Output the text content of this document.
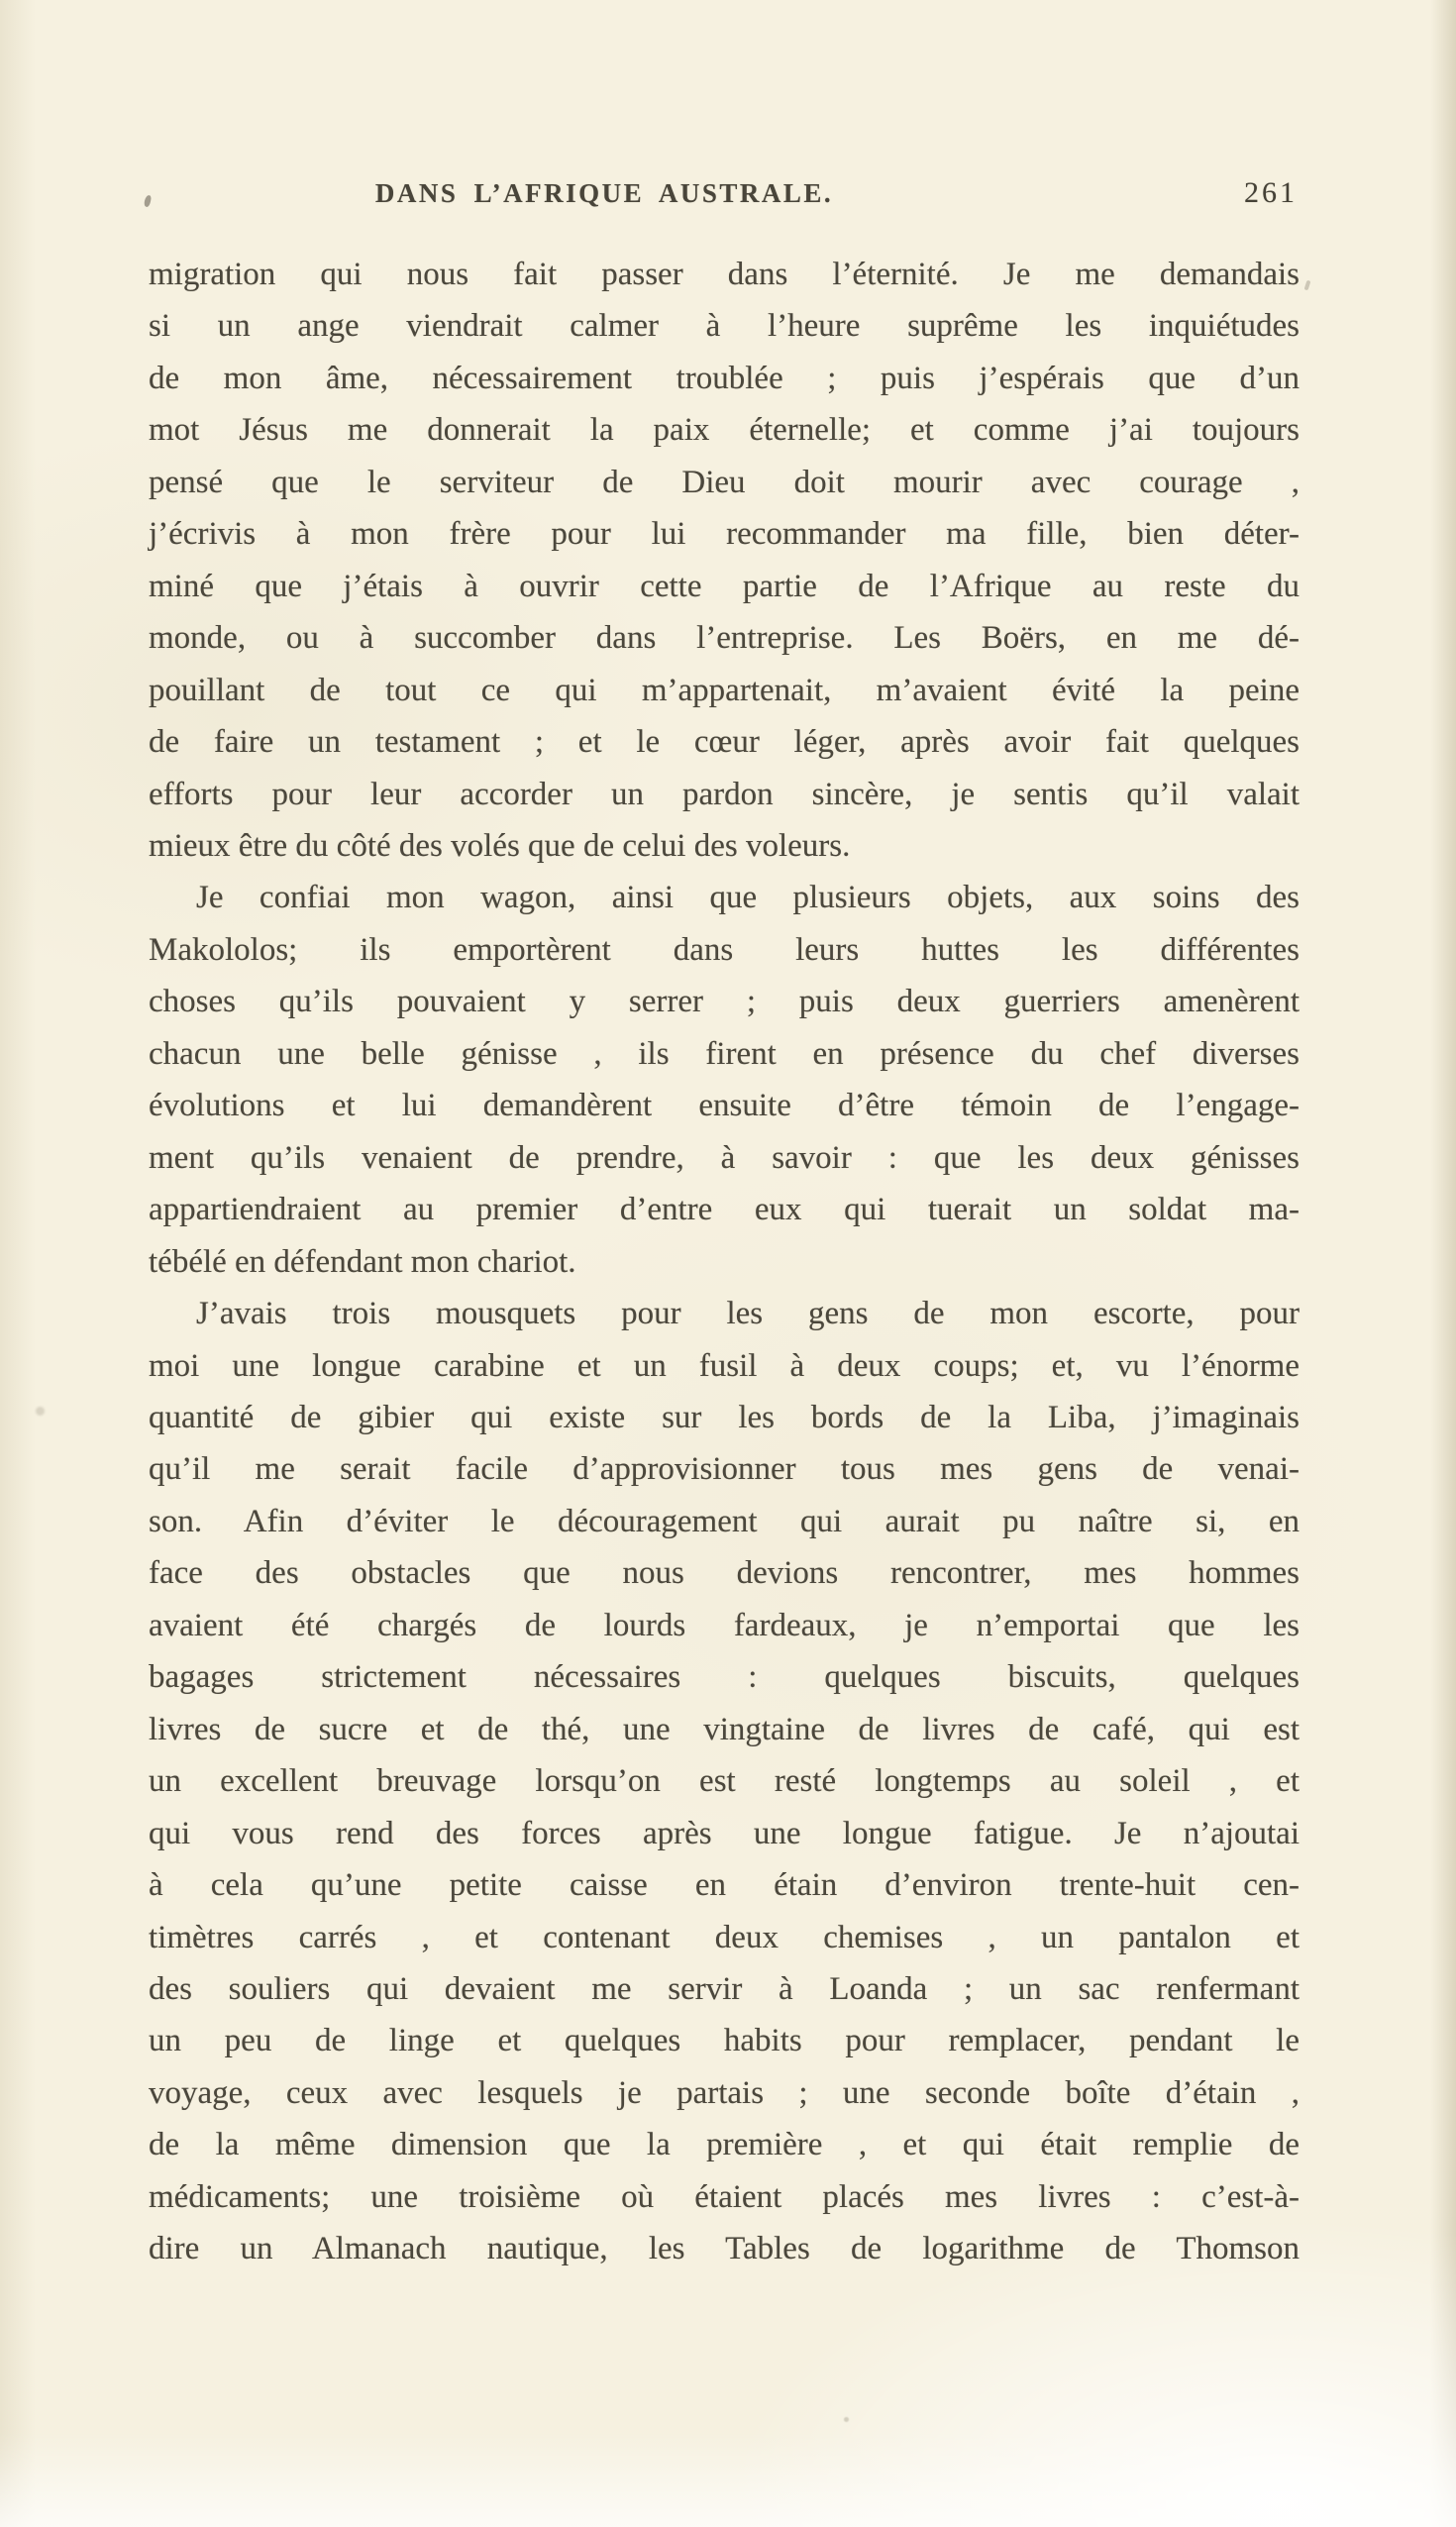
DANS L’AFRIQUE AUSTRALE.	261
migration qui nous fait passer dans l’éternité. Je me demandais
si un ange viendrait calmer à l’heure suprême les inquiétudes
de mon âme, nécessairement troublée ; puis j’espérais que d’un
mot Jésus me donnerait la paix éternelle; et comme j’ai toujours
pensé que le serviteur de Dieu doit mourir avec courage ,
j’écrivis à mon frère pour lui recommander ma fille, bien déter-
miné que j’étais à ouvrir cette partie de l’Afrique au reste du
monde, ou à succomber dans l’entreprise. Les Boërs, en me dé-
pouillant de tout ce qui m’appartenait, m’avaient évité la peine
de faire un testament ; et le cœur léger, après avoir fait quelques
efforts pour leur accorder un pardon sincère, je sentis qu’il valait
mieux être du côté des volés que de celui des voleurs.
Je confiai mon wagon, ainsi que plusieurs objets, aux soins des
Makololos; ils emportèrent dans leurs huttes les différentes
choses qu’ils pouvaient y serrer ; puis deux guerriers amenèrent
chacun une belle génisse , ils firent en présence du chef diverses
évolutions et lui demandèrent ensuite d’être témoin de l’engage-
ment qu’ils venaient de prendre, à savoir : que les deux génisses
appartiendraient au premier d’entre eux qui tuerait un soldat ma-
tébélé en défendant mon chariot.
J’avais trois mousquets pour les gens de mon escorte, pour
moi une longue carabine et un fusil à deux coups; et, vu l’énorme
quantité de gibier qui existe sur les bords de la Liba, j’imaginais
qu’il me serait facile d’approvisionner tous mes gens de venai-
son. Afin d’éviter le découragement qui aurait pu naître si, en
face des obstacles que nous devions rencontrer, mes hommes
avaient été chargés de lourds fardeaux, je n’emportai que les
bagages strictement nécessaires : quelques biscuits, quelques
livres de sucre et de thé, une vingtaine de livres de café, qui est
un excellent breuvage lorsqu’on est resté longtemps au soleil , et
qui vous rend des forces après une longue fatigue. Je n’ajoutai
à cela qu’une petite caisse en étain d’environ trente-huit cen-
timètres carrés , et contenant deux chemises , un pantalon et
des souliers qui devaient me servir à Loanda ; un sac renfermant
un peu de linge et quelques habits pour remplacer, pendant le
voyage, ceux avec lesquels je partais ; une seconde boîte d’étain ,
de la même dimension que la première , et qui était remplie de
médicaments; une troisième où étaient placés mes livres : c’est-à-
dire un Almanach nautique, les Tables de logarithme de Thomson
